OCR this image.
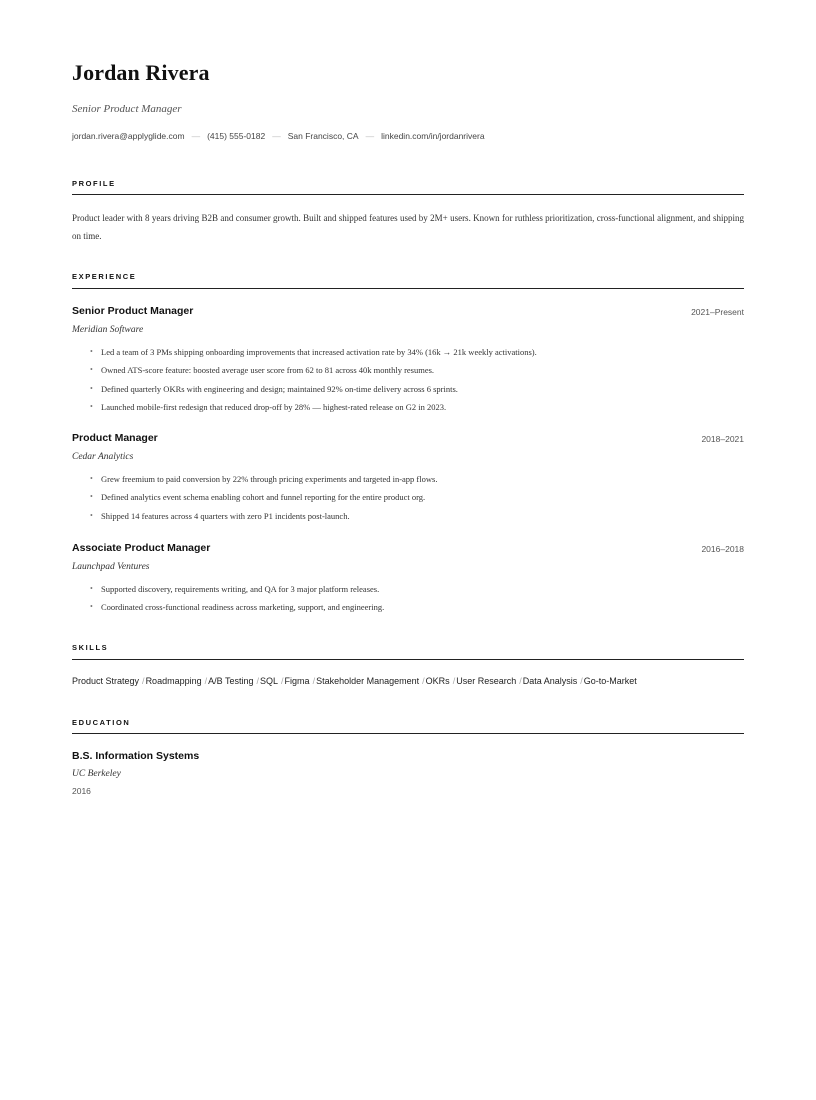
Jordan Rivera
Senior Product Manager
jordan.rivera@applyglide.com — (415) 555-0182 — San Francisco, CA — linkedin.com/in/jordanrivera
PROFILE

Product leader with 8 years driving B2B and consumer growth. Built and shipped features used by 2M+ users. Known for ruthless prioritization, cross-functional alignment, and shipping on time.

EXPERIENCE
Senior Product Manager	2021–Present
Meridian Software
• Led a team of 3 PMs shipping onboarding improvements that increased activation rate by 34% (16k → 21k weekly activations).
• Owned ATS-score feature: boosted average user score from 62 to 81 across 40k monthly resumes.
• Defined quarterly OKRs with engineering and design; maintained 92% on-time delivery across 6 sprints.
• Launched mobile-first redesign that reduced drop-off by 28% — highest-rated release on G2 in 2023.
Product Manager	2018–2021
Cedar Analytics
• Grew freemium to paid conversion by 22% through pricing experiments and targeted in-app flows.
• Defined analytics event schema enabling cohort and funnel reporting for the entire product org.
• Shipped 14 features across 4 quarters with zero P1 incidents post-launch.
Associate Product Manager	2016–2018
Launchpad Ventures
• Supported discovery, requirements writing, and QA for 3 major platform releases.
• Coordinated cross-functional readiness across marketing, support, and engineering.
SKILLS
Product Strategy /Roadmapping /A/B Testing /SQL /Figma /Stakeholder Management /OKRs /User Research /Data Analysis /Go-to-Market
EDUCATION
B.S. Information Systems
UC Berkeley
2016
